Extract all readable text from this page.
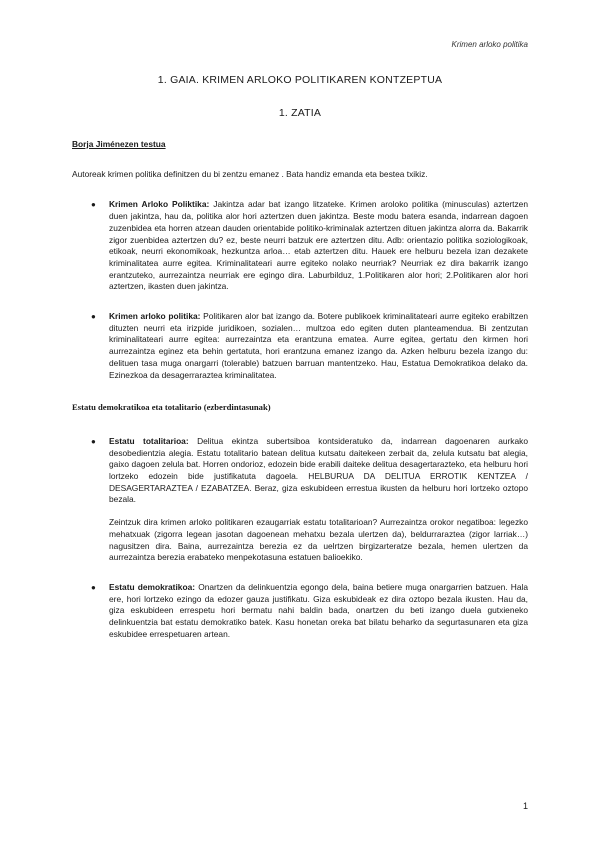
Krimen arloko politika
1. GAIA. KRIMEN ARLOKO POLITIKAREN KONTZEPTUA
1. ZATIA

Borja Jiménezen testua

Autoreak krimen politika definitzen du bi zentzu emanez . Bata handiz emanda eta bestea txikiz.

● Krimen Arloko Poliktika: Jakintza adar bat izango litzateke. Krimen aroloko politika (minusculas) aztertzen duen jakintza, hau da, politika alor hori aztertzen duen jakintza. Beste modu batera esanda, indarrean dagoen zuzenbidea eta horren atzean dauden orientabide politiko-kriminalak aztertzen dituen jakintza alorra da. Bakarrik zigor zuenbidea aztertzen du? ez, beste neurri batzuk ere aztertzen ditu. Adb: orientazio politika soziologikoak, etikoak, neurri ekonomikoak, hezkuntza arloa… etab aztertzen ditu. Hauek ere helburu bezela izan dezakete kriminalitatea aurre egitea. Kriminalitateari aurre egiteko nolako neurriak? Neurriak ez dira bakarrik izango erantzuteko, aurrezaintza neurriak ere egingo dira. Laburbilduz, 1.Politikaren alor hori; 2.Politikaren alor hori aztertzen, ikasten duen jakintza.

● Krimen arloko politika: Politikaren alor bat izango da. Botere publikoek kriminalitateari aurre egiteko erabiltzen dituzten neurri eta irizpide juridikoen, sozialen… multzoa edo egiten duten planteamendua. Bi zentzutan kriminalitateari aurre egitea: aurrezaintza eta erantzuna ematea. Aurre egitea, gertatu den kirmen hori aurrezaintza eginez eta behin gertatuta, hori erantzuna emanez izango da. Azken helburu bezela izango du: delituen tasa muga onargarri (tolerable) batzuen barruan mantentzeko. Hau, Estatua Demokratikoa delako da. Ezinezkoa da desagerraraztea kriminalitatea.

Estatu demokratikoa eta totalitario (ezberdintasunak)

● Estatu totalitarioa: Delitua ekintza subertsiboa kontsideratuko da, indarrean dagoenaren aurkako desobedientzia alegia. Estatu totalitario batean delitua kutsatu daitekeen zerbait da, zelula kutsatu bat alegia, gaixo dagoen zelula bat. Horren ondorioz, edozein bide erabili daiteke delitua desagertarazteko, eta helburu hori lortzeko edozein bide justifikatuta dagoela. HELBURUA DA DELITUA ERROTIK KENTZEA / DESAGERTARAZTEA / EZABATZEA. Beraz, giza eskubideen errestua ikusten da helburu hori lortzeko oztopo bezala.

Zeintzuk dira krimen arloko politikaren ezaugarriak estatu totalitarioan? Aurrezaintza orokor negatiboa: legezko mehatxuak (zigorra legean jasotan dagoenean mehatxu bezala ulertzen da), beldurraraztea (zigor larriak…) nagusitzen dira. Baina, aurrezaintza berezia ez da uelrtzen birgizarteratze bezala, hemen ulertzen da aurrezaintza berezia erabateko menpekotasuna estatuen balioekiko.

● Estatu demokratikoa: Onartzen da delinkuentzia egongo dela, baina betiere muga onargarrien batzuen. Hala ere, hori lortzeko ezingo da edozer gauza justifikatu. Giza eskubideak ez dira oztopo bezala ikusten. Hau da, giza eskubideen errespetu hori bermatu nahi baldin bada, onartzen du beti izango duela gutxieneko delinkuentzia bat estatu demokratiko batek. Kasu honetan oreka bat bilatu beharko da segurtasunaren eta giza eskubidee errespetuaren artean.

1
